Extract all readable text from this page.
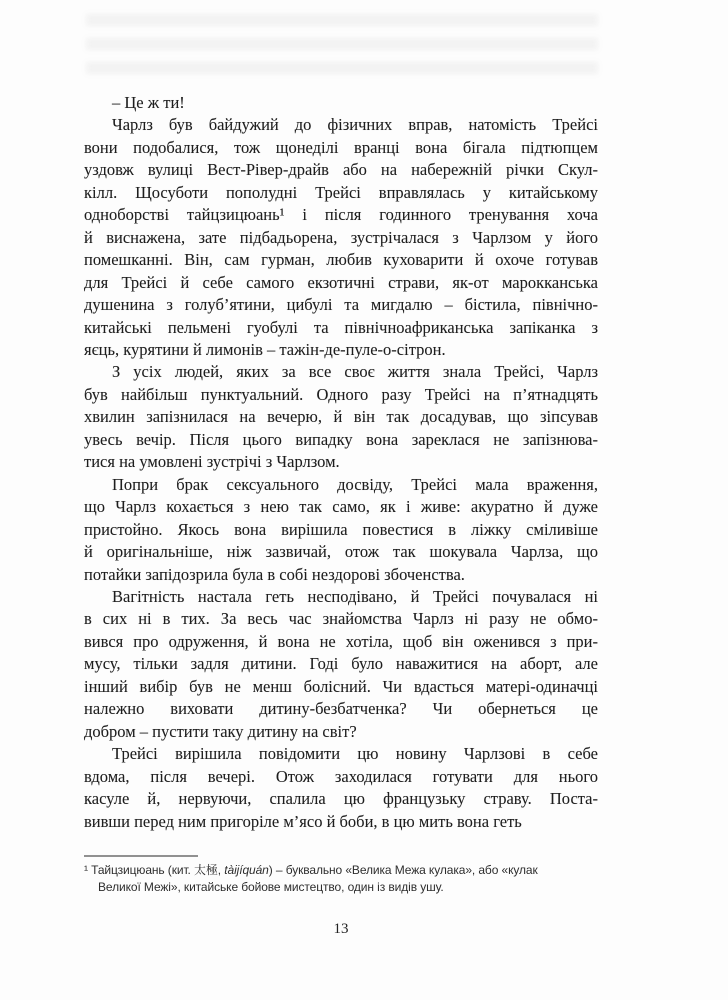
– Це ж ти!

Чарлз був байдужий до фізичних вправ, натомість Трейсі
вони подобалися, тож щонеділі вранці вона бігала підтюпцем
уздовж вулиці Вест-Рівер-драйв або на набережній річки Скул-
кілл. Щосуботи пополудні Трейсі вправлялась у китайському
одноборстві тайцзицюань¹ і після годинного тренування хоча
й виснажена, зате підбадьорена, зустрічалася з Чарлзом у його
помешканні. Він, сам гурман, любив куховарити й охоче готував
для Трейсі й себе самого екзотичні страви, як-от марокканська
душенина з голуб’ятини, цибулі та мигдалю – бістила, північно-
китайські пельмені гуобулі та північноафриканська запіканка з
яєць, курятини й лимонів – тажін-де-пуле-о-сітрон.

З усіх людей, яких за все своє життя знала Трейсі, Чарлз
був найбільш пунктуальний. Одного разу Трейсі на п’ятнадцять
хвилин запізнилася на вечерю, й він так досадував, що зіпсував
увесь вечір. Після цього випадку вона зареклася не запізнюва-
тися на умовлені зустрічі з Чарлзом.

Попри брак сексуального досвіду, Трейсі мала враження,
що Чарлз кохається з нею так само, як і живе: акуратно й дуже
пристойно. Якось вона вирішила повестися в ліжку сміливіше
й оригінальніше, ніж зазвичай, отож так шокувала Чарлза, що
потайки запідозрила була в собі нездорові збоченства.

Вагітність настала геть несподівано, й Трейсі почувалася ні
в сих ні в тих. За весь час знайомства Чарлз ні разу не обмо-
вився про одруження, й вона не хотіла, щоб він оженився з при-
мусу, тільки задля дитини. Годі було наважитися на аборт, але
інший вибір був не менш болісний. Чи вдасться матері-одиначці
належно виховати дитину-безбатченка? Чи обернеться це
добром – пустити таку дитину на світ?

Трейсі вирішила повідомити цю новину Чарлзові в себе
вдома, після вечері. Отож заходилася готувати для нього
касуле й, нервуючи, спалила цю французьку страву. Поста-
вивши перед ним пригоріле м’ясо й боби, в цю мить вона геть

¹ Тайцзицюань (кит. 太極, tàijíquán) – буквально «Велика Межа кулака», або «кулак
Великої Межі», китайське бойове мистецтво, один із видів ушу.
13
